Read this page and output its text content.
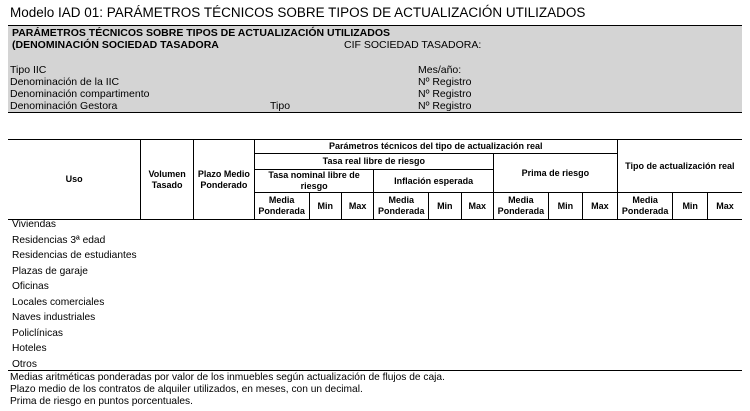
Modelo IAD 01: PARÁMETROS TÉCNICOS SOBRE TIPOS DE ACTUALIZACIÓN UTILIZADOS
PARÁMETROS TÉCNICOS SOBRE TIPOS DE ACTUALIZACIÓN UTILIZADOS
(DENOMINACIÓN SOCIEDAD TASADORA	CIF SOCIEDAD TASADORA:
Tipo IIC	Mes/año:
Denominación de la IIC	Nº Registro
Denominación compartimento	Nº Registro
Denominación Gestora	Tipo	Nº Registro
Uso	Volumen Tasado	Plazo Medio Ponderado	Parámetros técnicos del tipo de actualización real									Tipo de actualización real		
			Tasa real libre de riesgo						Prima de riesgo					
			Tasa nominal libre de riesgo			Inflación esperada								
			Media Ponderada	Min	Max	Media Ponderada	Min	Max	Media Ponderada	Min	Max	Media Ponderada	Min	Max
Viviendas
Residencias 3ª edad
Residencias de estudiantes
Plazas de garaje
Oficinas
Locales comerciales
Naves industriales
Policlínicas
Hoteles
Otros
Medias aritméticas ponderadas por valor de los inmuebles según actualización de flujos de caja.
Plazo medio de los contratos de alquiler utilizados, en meses, con un decimal.
Prima de riesgo en puntos porcentuales.
